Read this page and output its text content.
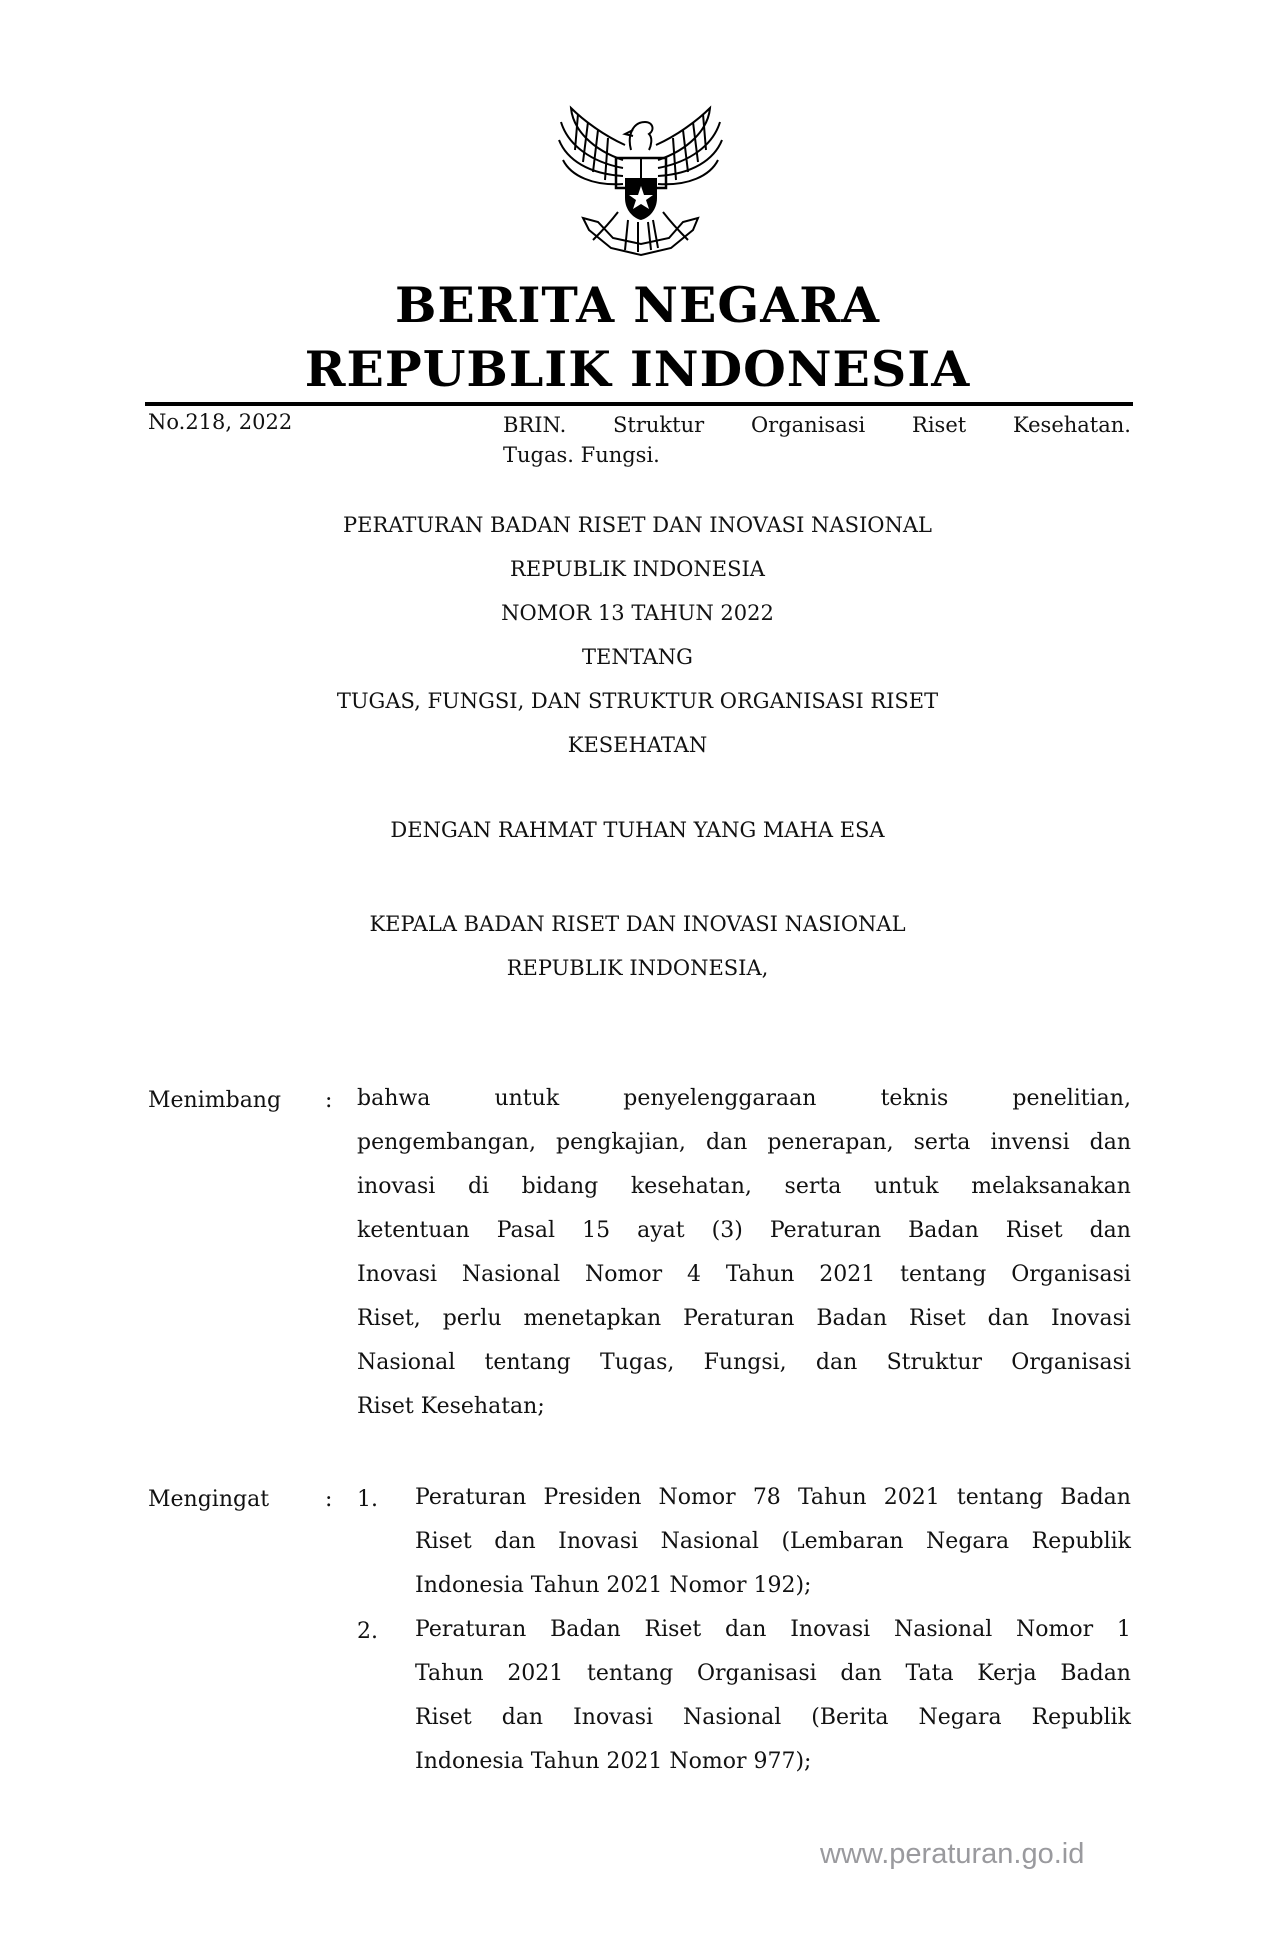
BERITA NEGARA
REPUBLIK INDONESIA
No.218, 2022	BRIN. Struktur Organisasi Riset Kesehatan.
Tugas. Fungsi.
PERATURAN BADAN RISET DAN INOVASI NASIONAL
REPUBLIK INDONESIA
NOMOR 13 TAHUN 2022
TENTANG
TUGAS, FUNGSI, DAN STRUKTUR ORGANISASI RISET
KESEHATAN
DENGAN RAHMAT TUHAN YANG MAHA ESA
KEPALA BADAN RISET DAN INOVASI NASIONAL
REPUBLIK INDONESIA,
Menimbang : bahwa	untuk	penyelenggaraan	teknis	penelitian,
pengembangan, pengkajian, dan penerapan, serta invensi dan
inovasi di bidang kesehatan, serta untuk melaksanakan
ketentuan Pasal 15 ayat (3) Peraturan Badan Riset dan
Inovasi Nasional Nomor 4 Tahun 2021 tentang Organisasi
Riset, perlu menetapkan Peraturan Badan Riset dan Inovasi
Nasional tentang Tugas, Fungsi, dan Struktur Organisasi
Riset Kesehatan;
Mengingat	: 1. Peraturan Presiden Nomor 78 Tahun 2021 tentang Badan
Riset dan Inovasi Nasional (Lembaran Negara Republik
Indonesia Tahun 2021 Nomor 192);
2. Peraturan Badan Riset dan Inovasi Nasional Nomor 1
Tahun 2021 tentang Organisasi dan Tata Kerja Badan
Riset dan Inovasi Nasional (Berita Negara Republik
Indonesia Tahun 2021 Nomor 977);
www.peraturan.go.id
